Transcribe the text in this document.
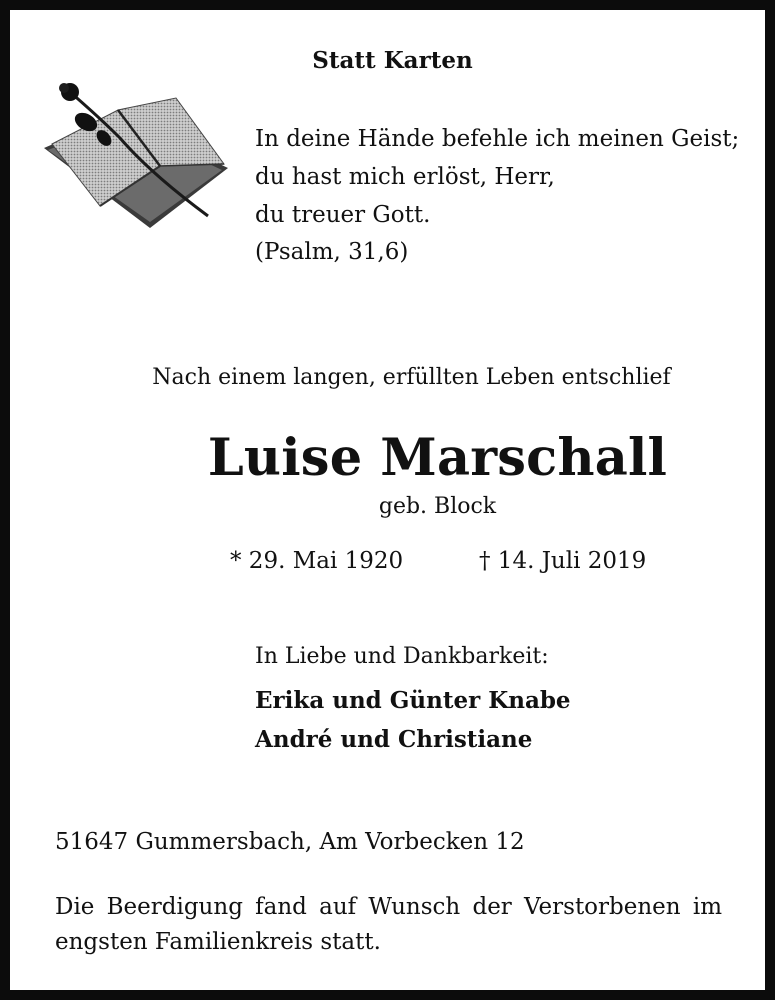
Statt Karten
In deine Hände befehle ich meinen Geist;
du hast mich erlöst, Herr,
du treuer Gott.
(Psalm, 31,6)
Nach einem langen, erfüllten Leben entschlief
Luise Marschall
geb. Block
* 29. Mai 1920	† 14. Juli 2019
In Liebe und Dankbarkeit:
Erika und Günter Knabe
André und Christiane
51647 Gummersbach, Am Vorbecken 12
Die Beerdigung fand auf Wunsch der Verstorbenen im engsten Familienkreis statt.
